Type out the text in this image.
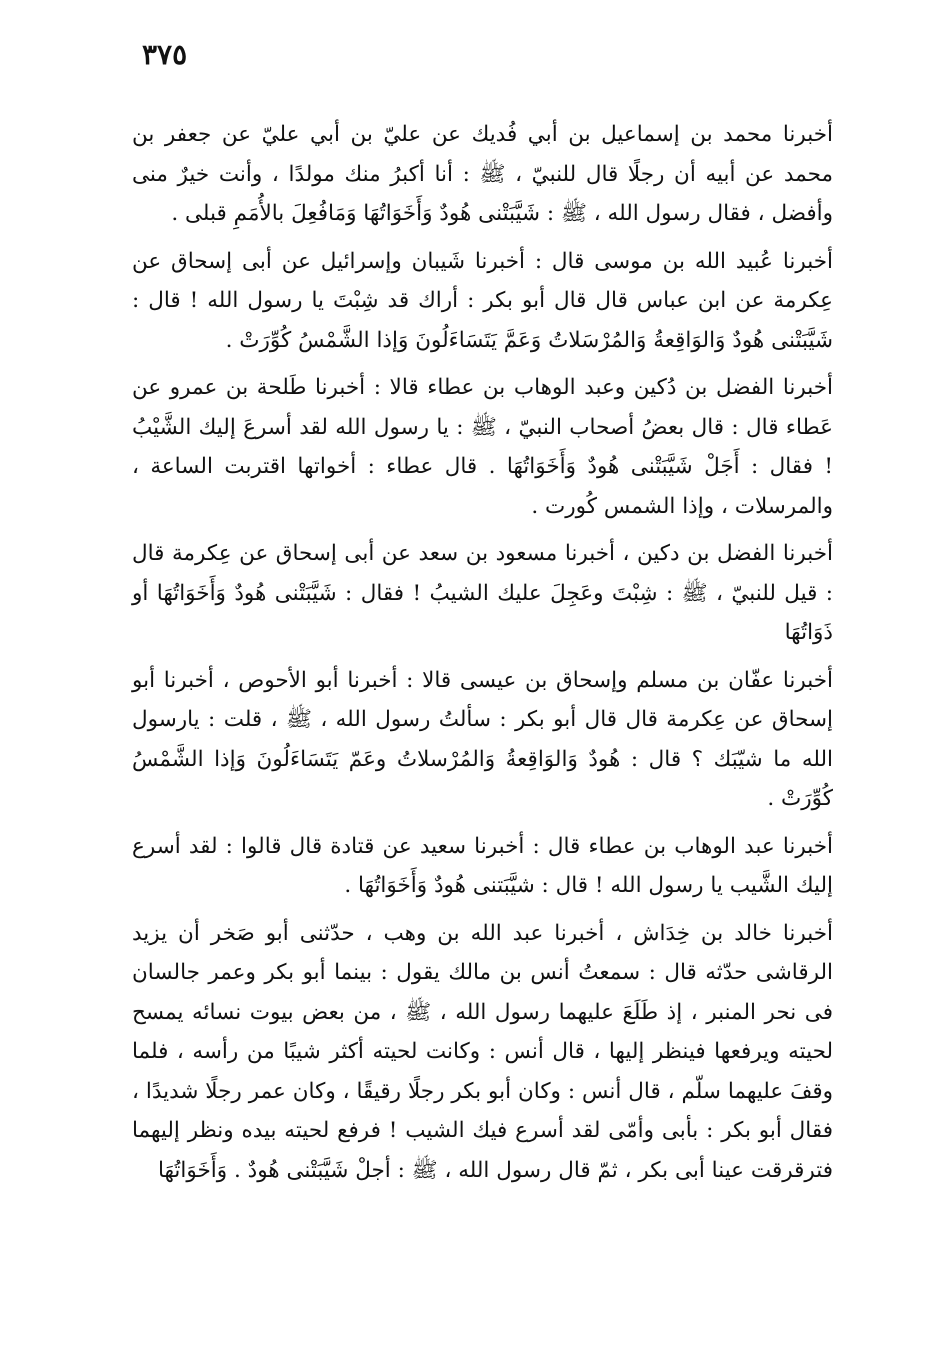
٣٧٥

أخبرنا محمد بن إسماعيل بن أبي فُديك عن عليّ بن أبي عليّ عن جعفر بن محمد عن أبيه أن رجلًا قال للنبيّ ، ﷺ : أنا أكبرُ منك مولدًا ، وأنت خيرٌ منى وأفضل ، فقال رسول الله ، ﷺ : شَيَّبَتْنى هُودٌ وَأَخَوَاتُهَا وَمَافُعِلَ بالأُمَمِ قبلى .

أخبرنا عُبيد الله بن موسى قال : أخبرنا شَيبان وإسرائيل عن أبى إسحاق عن عِكرمة عن ابن عباس قال قال أبو بكر : أراك قد شِبْتَ يا رسول الله ! قال : شَيَّبَتْنى هُودٌ وَالوَاقِعةُ وَالمُرْسَلاتُ وَعَمَّ يَتَسَاءَلُونَ وَإذا الشَّمْسُ كُوِّرَتْ .

أخبرنا الفضل بن دُكين وعبد الوهاب بن عطاء قالا : أخبرنا طَلحة بن عمرو عن عَطاء قال : قال بعضُ أصحاب النبيّ ، ﷺ : يا رسول الله لقد أسرعَ إليك الشَّيْبُ ! فقال : أَجَلْ شَيَّبَتْنى هُودٌ وَأَخَوَاتُهَا . قال عطاء : أخواتها اقتربت الساعة ، والمرسلات ، وإذا الشمس كُورت .

أخبرنا الفضل بن دكين ، أخبرنا مسعود بن سعد عن أبى إسحاق عن عِكرمة قال : قيل للنبيّ ، ﷺ : شِبْتَ وعَجِلَ عليك الشيبُ ! فقال : شَيَّبَتْنى هُودٌ وَأَخَوَاتُهَا أو ذَوَاتُهَا

أخبرنا عفّان بن مسلم وإسحاق بن عيسى قالا : أخبرنا أبو الأحوص ، أخبرنا أبو إسحاق عن عِكرمة قال قال أبو بكر : سألتُ رسول الله ، ﷺ ، قلت : يارسول الله ما شيّبَك ؟ قال : هُودٌ وَالوَاقِعةُ وَالمُرْسلاتُ وعَمّ يَتَسَاءَلُونَ وَإذا الشَّمْسُ كُوِّرَتْ .

أخبرنا عبد الوهاب بن عطاء قال : أخبرنا سعيد عن قتادة قال قالوا : لقد أسرع إليك الشَّيب يا رسول الله ! قال : شيَّبَتنى هُودٌ وَأَخَوَاتُهَا .

أخبرنا خالد بن خِدَاش ، أخبرنا عبد الله بن وهب ، حدّثنى أبو صَخر أن يزيد الرقاشى حدّثه قال : سمعتُ أنس بن مالك يقول : بينما أبو بكر وعمر جالسان فى نحر المنبر ، إذ طَلَعَ عليهما رسول الله ، ﷺ ، من بعض بيوت نسائه يمسح لحيته ويرفعها فينظر إليها ، قال أنس : وكانت لحيته أكثر شيبًا من رأسه ، فلما وقفَ عليهما سلّم ، قال أنس : وكان أبو بكر رجلًا رقيقًا ، وكان عمر رجلًا شديدًا ، فقال أبو بكر : بأبى وأمّى لقد أسرع فيك الشيب ! فرفع لحيته بيده ونظر إليهما فترقرقت عينا أبى بكر ، ثمّ قال رسول الله ، ﷺ : أجلْ شَيَّبَتْنى هُودٌ . وَأَخَوَاتُهَا
